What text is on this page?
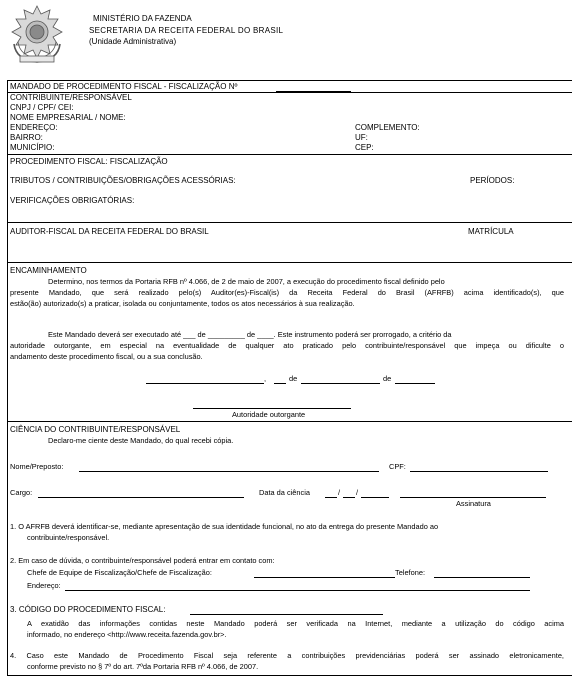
MINISTÉRIO DA FAZENDA
SECRETARIA DA RECEITA FEDERAL DO BRASIL
(Unidade Administrativa)
MANDADO DE PROCEDIMENTO FISCAL - FISCALIZAÇÃO Nº
CONTRIBUINTE/RESPONSÁVEL
CNPJ / CPF/ CEI:
NOME EMPRESARIAL / NOME:
ENDEREÇO:	COMPLEMENTO:
BAIRRO:	UF:
MUNICÍPIO:	CEP:
PROCEDIMENTO FISCAL: FISCALIZAÇÃO
TRIBUTOS / CONTRIBUIÇÕES/OBRIGAÇÕES ACESSÓRIAS:	PERÍODOS:
VERIFICAÇÕES OBRIGATÓRIAS:
AUDITOR-FISCAL DA RECEITA FEDERAL DO BRASIL	MATRÍCULA
ENCAMINHAMENTO
Determino, nos termos da Portaria RFB nº 4.066, de 2 de maio de 2007, a execução do procedimento fiscal definido pelo
presente Mandado, que será realizado pelo(s) Auditor(es)-Fiscal(is) da Receita Federal do Brasil (AFRFB) acima identificado(s), que
estão(ão) autorizado(s) a praticar, isolada ou conjuntamente, todos os atos necessários à sua realização.
Este Mandado deverá ser executado até ___ de _________ de ____. Este instrumento poderá ser prorrogado, a critério da
autoridade outorgante, em especial na eventualidade de qualquer ato praticado pelo contribuinte/responsável que impeça ou dificulte o
andamento deste procedimento fiscal, ou a sua conclusão.
,	de	de
Autoridade outorgante
CIÊNCIA DO CONTRIBUINTE/RESPONSÁVEL
Declaro-me ciente deste Mandado, do qual recebi cópia.
Nome/Preposto:	CPF:
Cargo:	Data da ciência	/ /
Assinatura
1. O AFRFB deverá identificar-se, mediante apresentação de sua identidade funcional, no ato da entrega do presente Mandado ao
contribuinte/responsável.
2. Em caso de dúvida, o contribuinte/responsável poderá entrar em contato com:
Chefe de Equipe de Fiscalização/Chefe de Fiscalização:	Telefone:
Endereço:
3. CÓDIGO DO PROCEDIMENTO FISCAL:
A exatidão das informações contidas neste Mandado poderá ser verificada na Internet, mediante a utilização do código acima
informado, no endereço <http://www.receita.fazenda.gov.br>.
4. Caso este Mandado de Procedimento Fiscal seja referente a contribuições previdenciárias poderá ser assinado eletronicamente,
conforme previsto no § 7º do art. 7ºda Portaria RFB nº 4.066, de 2007.
